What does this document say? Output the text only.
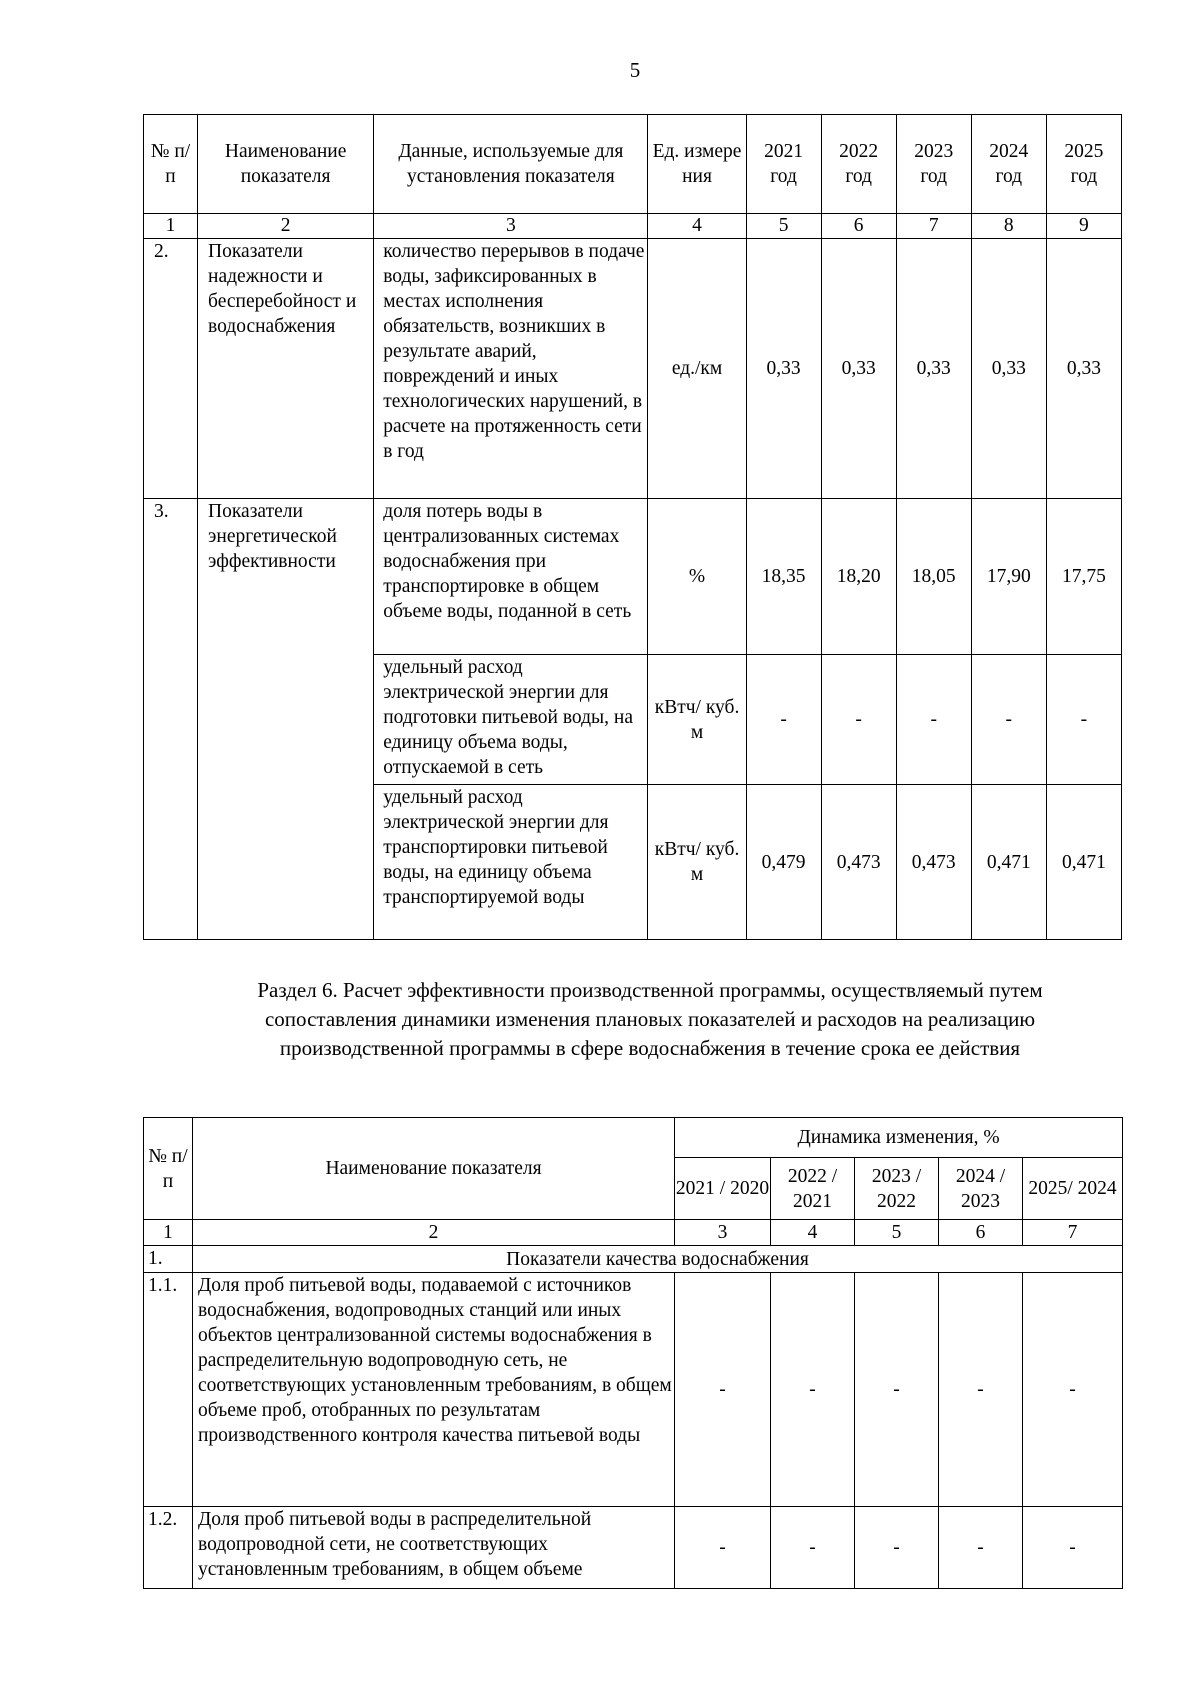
5
№ п/п	Наименование показателя	Данные, используемые для установления показателя	Ед. измере ния	2021 год	2022 год	2023 год	2024 год	2025 год
1	2	3	4	5	6	7	8	9
2.	Показатели надежности и бесперебойност и водоснабжения	количество перерывов в подаче воды, зафиксированных в местах исполнения обязательств, возникших в результате аварий, повреждений и иных технологических нарушений, в расчете на протяженность сети в год	ед./км	0,33	0,33	0,33	0,33	0,33
3.	Показатели энергетической эффективности	доля потерь воды в централизованных системах водоснабжения при транспортировке в общем объеме воды, поданной в сеть	%	18,35	18,20	18,05	17,90	17,75
		удельный расход электрической энергии для подготовки питьевой воды, на единицу объема воды, отпускаемой в сеть	кВтч/ куб. м	-	-	-	-	-
		удельный расход электрической энергии для транспортировки питьевой воды, на единицу объема транспортируемой воды	кВтч/ куб. м	0,479	0,473	0,473	0,471	0,471
Раздел 6. Расчет эффективности производственной программы, осуществляемый путем
сопоставления динамики изменения плановых показателей и расходов на реализацию
производственной программы в сфере водоснабжения в течение срока ее действия
№ п/п	Наименование показателя	Динамика изменения, %				
		2021 / 2020	2022 / 2021	2023 / 2022	2024 / 2023	2025/ 2024
1	2	3	4	5	6	7
1.	Показатели качества водоснабжения					
1.1.	Доля проб питьевой воды, подаваемой с источников водоснабжения, водопроводных станций или иных объектов централизованной системы водоснабжения в распределительную водопроводную сеть, не соответствующих установленным требованиям, в общем объеме проб, отобранных по результатам производственного контроля качества питьевой воды	-	-	-	-	-
1.2.	Доля проб питьевой воды в распределительной водопроводной сети, не соответствующих установленным требованиям, в общем объеме	-	-	-	-	-
